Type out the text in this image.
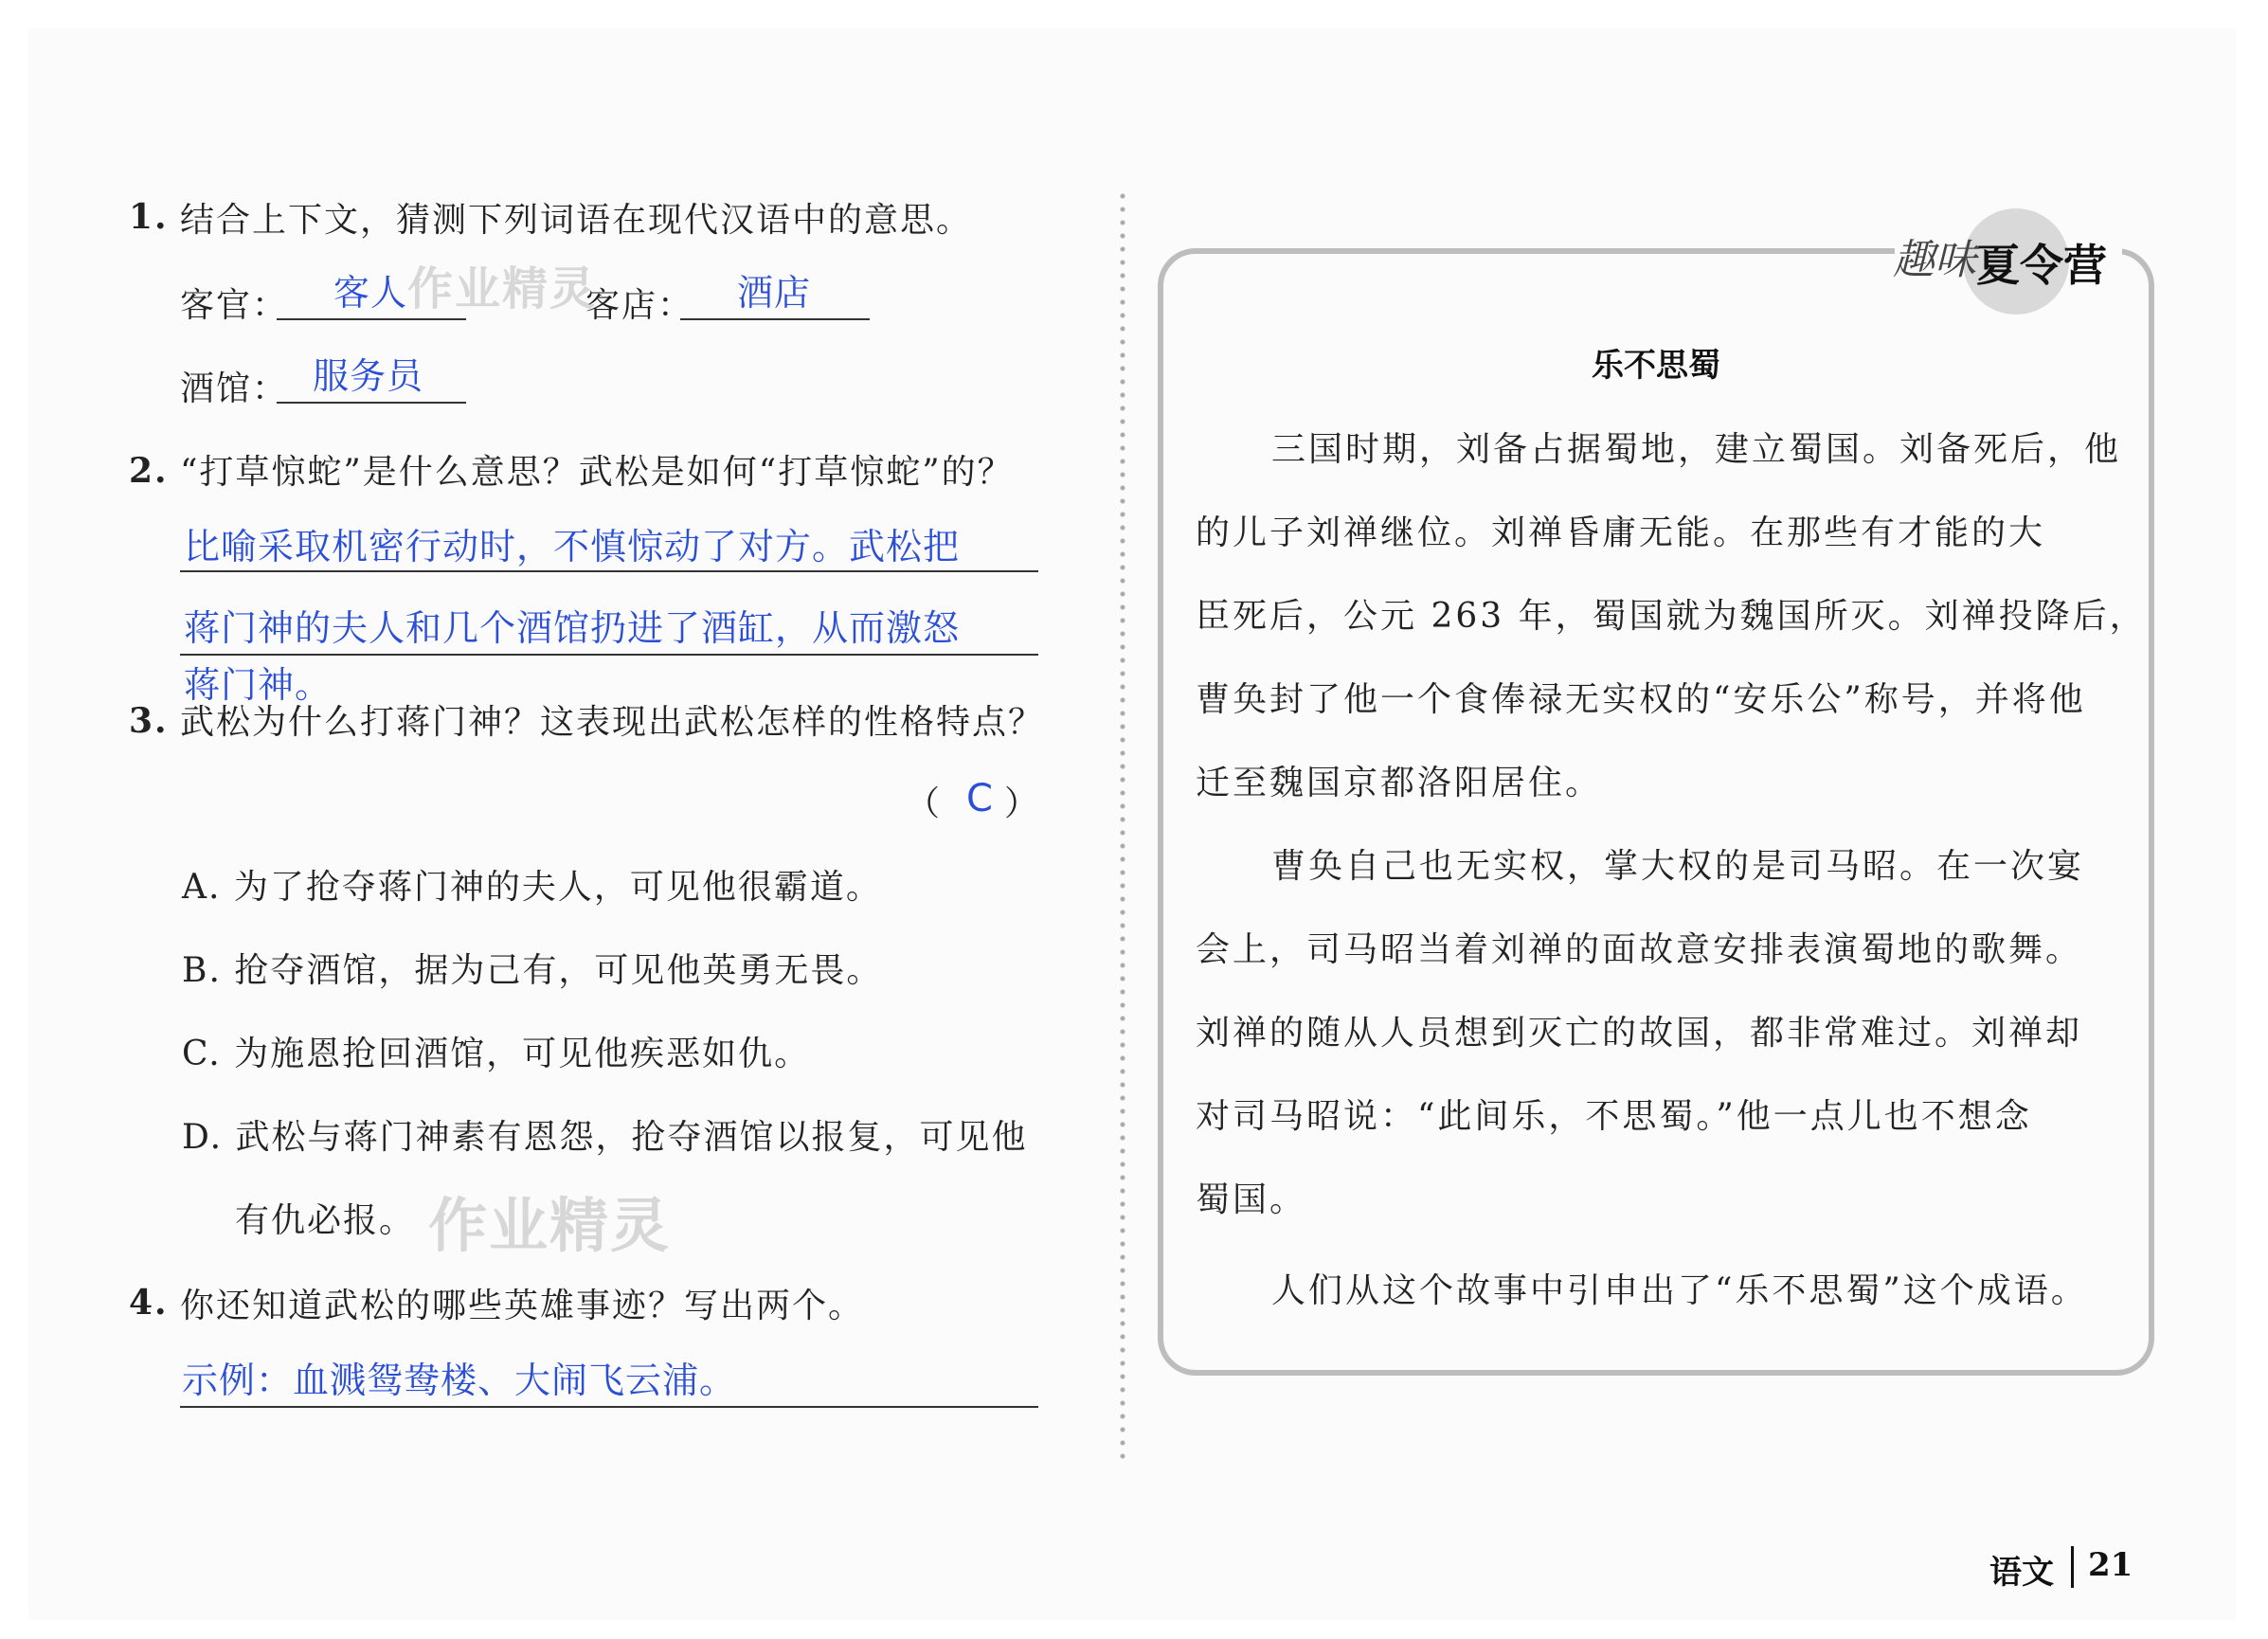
1. 结合上下文，猜测下列词语在现代汉语中的意思。
客官： 客人 作业精灵
客店： 酒店
酒馆： 服务员
2. “打草惊蛇”是什么意思？武松是如何“打草惊蛇”的？
比喻采取机密行动时，不慎惊动了对方。武松把
蒋门神的夫人和几个酒馆扔进了酒缸，从而激怒
蒋门神。
3. 武松为什么打蒋门神？这表现出武松怎样的性格特点？
（ C ）
A. 为了抢夺蒋门神的夫人，可见他很霸道。
B. 抢夺酒馆，据为己有，可见他英勇无畏。
C. 为施恩抢回酒馆，可见他疾恶如仇。
D. 武松与蒋门神素有恩怨，抢夺酒馆以报复，可见他
有仇必报。 作业精灵
4. 你还知道武松的哪些英雄事迹？写出两个。
示例：血溅鸳鸯楼、大闹飞云浦。
趣味 夏令营
乐不思蜀
三国时期，刘备占据蜀地，建立蜀国。刘备死后，他
的儿子刘禅继位。刘禅昏庸无能。在那些有才能的大
臣死后，公元 263 年，蜀国就为魏国所灭。刘禅投降后，
曹奂封了他一个食俸禄无实权的“安乐公”称号，并将他
迁至魏国京都洛阳居住。
曹奂自己也无实权，掌大权的是司马昭。在一次宴
会上，司马昭当着刘禅的面故意安排表演蜀地的歌舞。
刘禅的随从人员想到灭亡的故国，都非常难过。刘禅却
对司马昭说：“此间乐，不思蜀。”他一点儿也不想念
蜀国。
人们从这个故事中引申出了“乐不思蜀”这个成语。
语文 21
